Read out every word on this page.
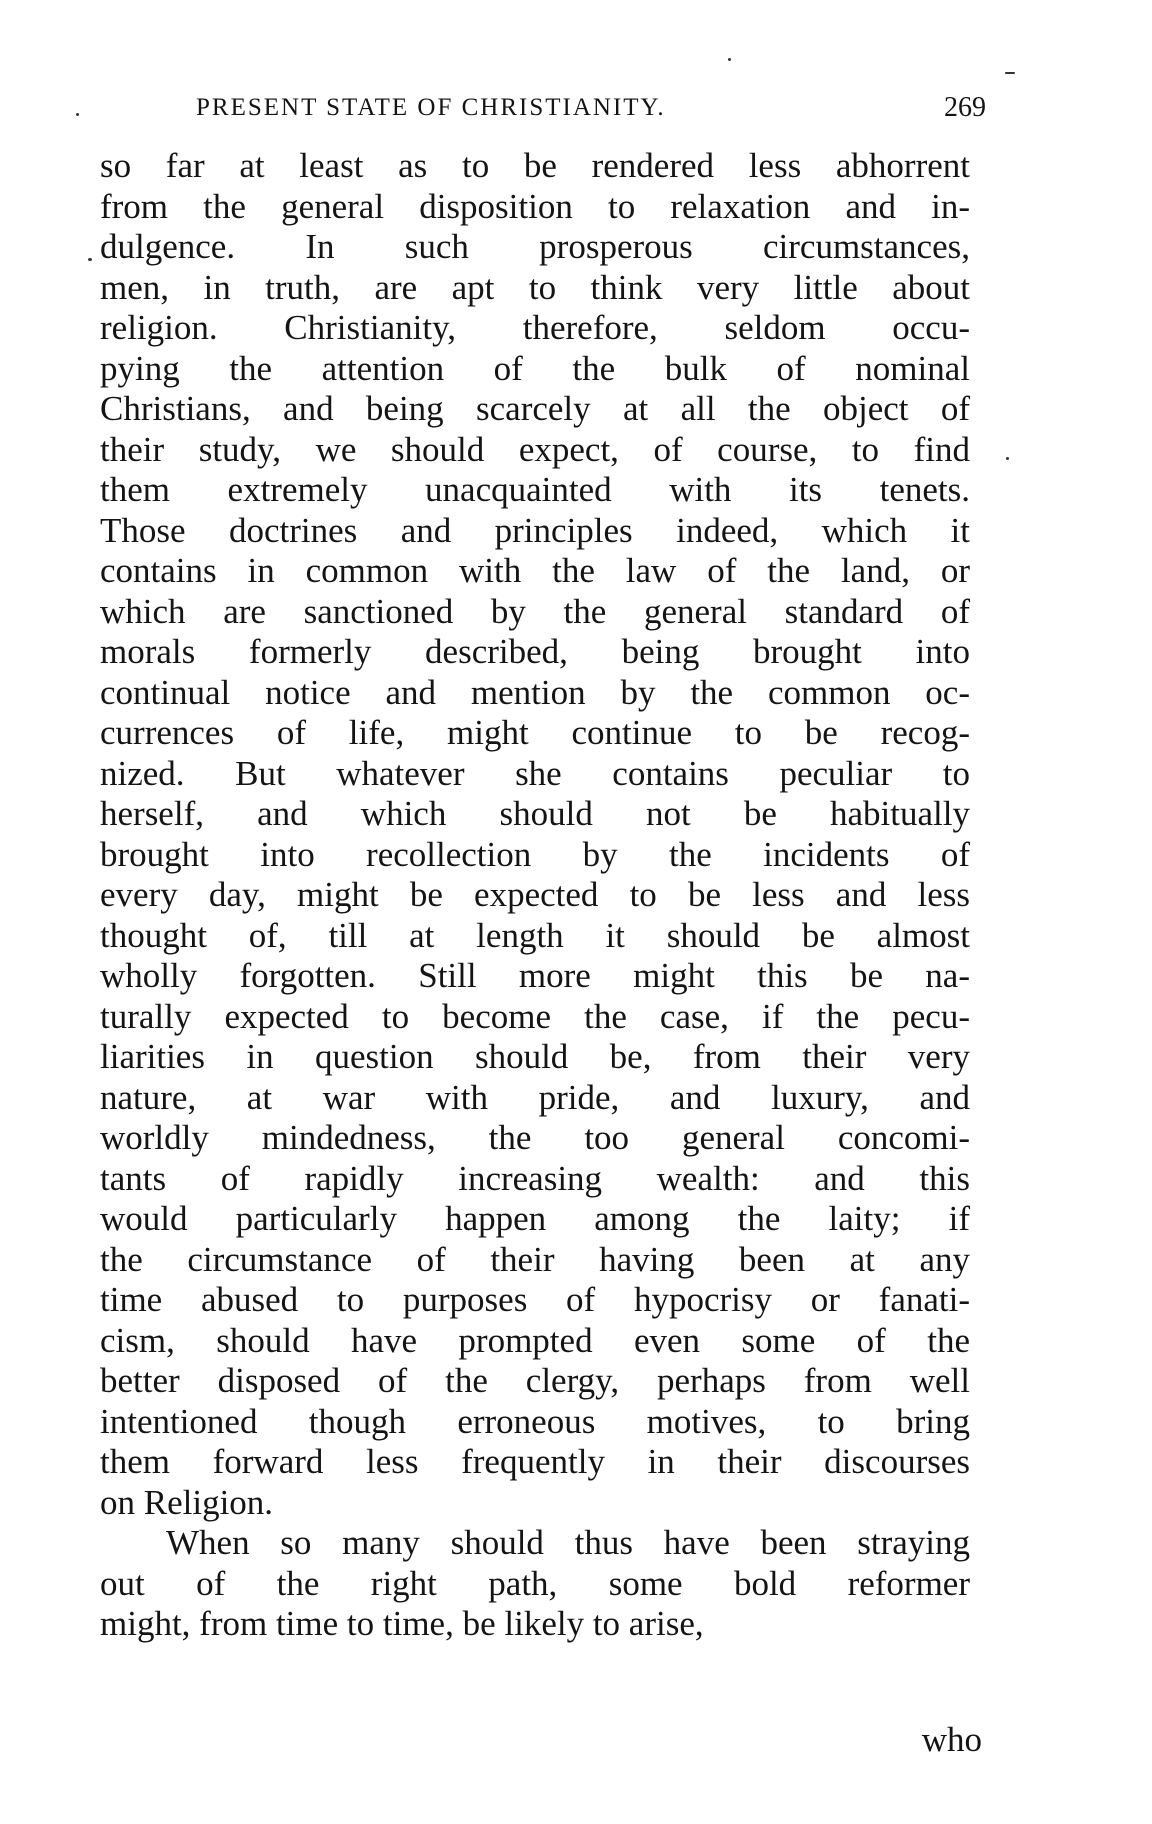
PRESENT STATE OF CHRISTIANITY.	269
so far at least as to be rendered less abhorrent
from the general disposition to relaxation and in-
dulgence. In such prosperous circumstances,
men, in truth, are apt to think very little about
religion. Christianity, therefore, seldom occu-
pying the attention of the bulk of nominal
Christians, and being scarcely at all the object of
their study, we should expect, of course, to find
them extremely unacquainted with its tenets.
Those doctrines and principles indeed, which it
contains in common with the law of the land, or
which are sanctioned by the general standard of
morals formerly described, being brought into
continual notice and mention by the common oc-
currences of life, might continue to be recog-
nized. But whatever she contains peculiar to
herself, and which should not be habitually
brought into recollection by the incidents of
every day, might be expected to be less and less
thought of, till at length it should be almost
wholly forgotten. Still more might this be na-
turally expected to become the case, if the pecu-
liarities in question should be, from their very
nature, at war with pride, and luxury, and
worldly mindedness, the too general concomi-
tants of rapidly increasing wealth: and this
would particularly happen among the laity; if
the circumstance of their having been at any
time abused to purposes of hypocrisy or fanati-
cism, should have prompted even some of the
better disposed of the clergy, perhaps from well
intentioned though erroneous motives, to bring
them forward less frequently in their discourses
on Religion.
When so many should thus have been straying
out of the right path, some bold reformer
might, from time to time, be likely to arise,
who
